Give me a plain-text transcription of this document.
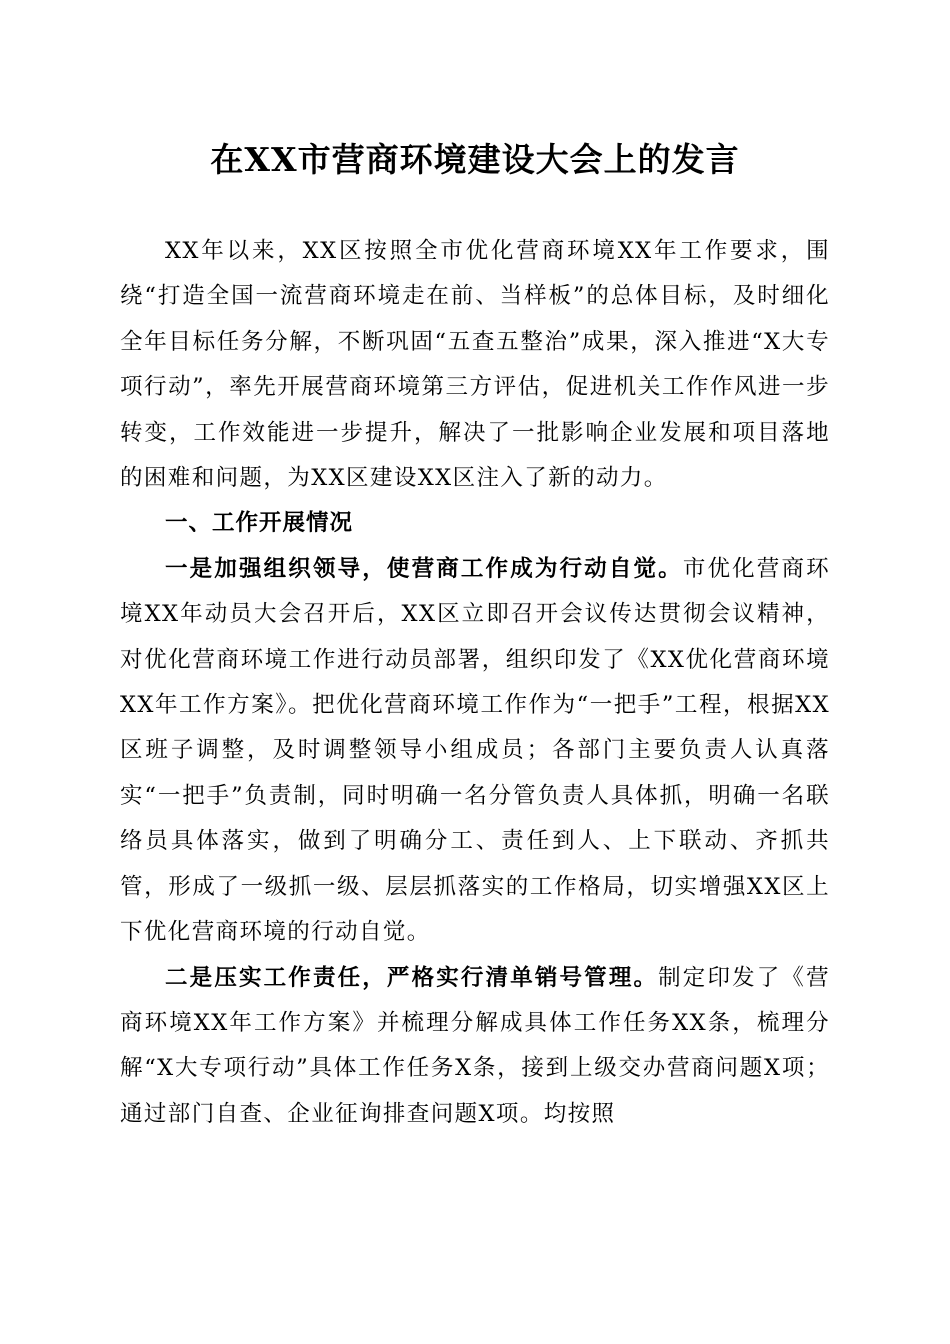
在XX市营商环境建设大会上的发言

XX年以来，XX区按照全市优化营商环境XX年工作要求，围绕“打造全国一流营商环境走在前、当样板”的总体目标，及时细化全年目标任务分解，不断巩固“五查五整治”成果，深入推进“X大专项行动”，率先开展营商环境第三方评估，促进机关工作作风进一步转变，工作效能进一步提升，解决了一批影响企业发展和项目落地的困难和问题，为XX区建设XX区注入了新的动力。

一、工作开展情况

一是加强组织领导，使营商工作成为行动自觉。市优化营商环境XX年动员大会召开后，XX区立即召开会议传达贯彻会议精神，对优化营商环境工作进行动员部署，组织印发了《XX优化营商环境XX年工作方案》。把优化营商环境工作作为“一把手”工程，根据XX区班子调整，及时调整领导小组成员；各部门主要负责人认真落实“一把手”负责制，同时明确一名分管负责人具体抓，明确一名联络员具体落实，做到了明确分工、责任到人、上下联动、齐抓共管，形成了一级抓一级、层层抓落实的工作格局，切实增强XX区上下优化营商环境的行动自觉。

二是压实工作责任，严格实行清单销号管理。制定印发了《营商环境XX年工作方案》并梳理分解成具体工作任务XX条，梳理分解“X大专项行动”具体工作任务X条，接到上级交办营商问题X项；通过部门自查、企业征询排查问题X项。均按照
